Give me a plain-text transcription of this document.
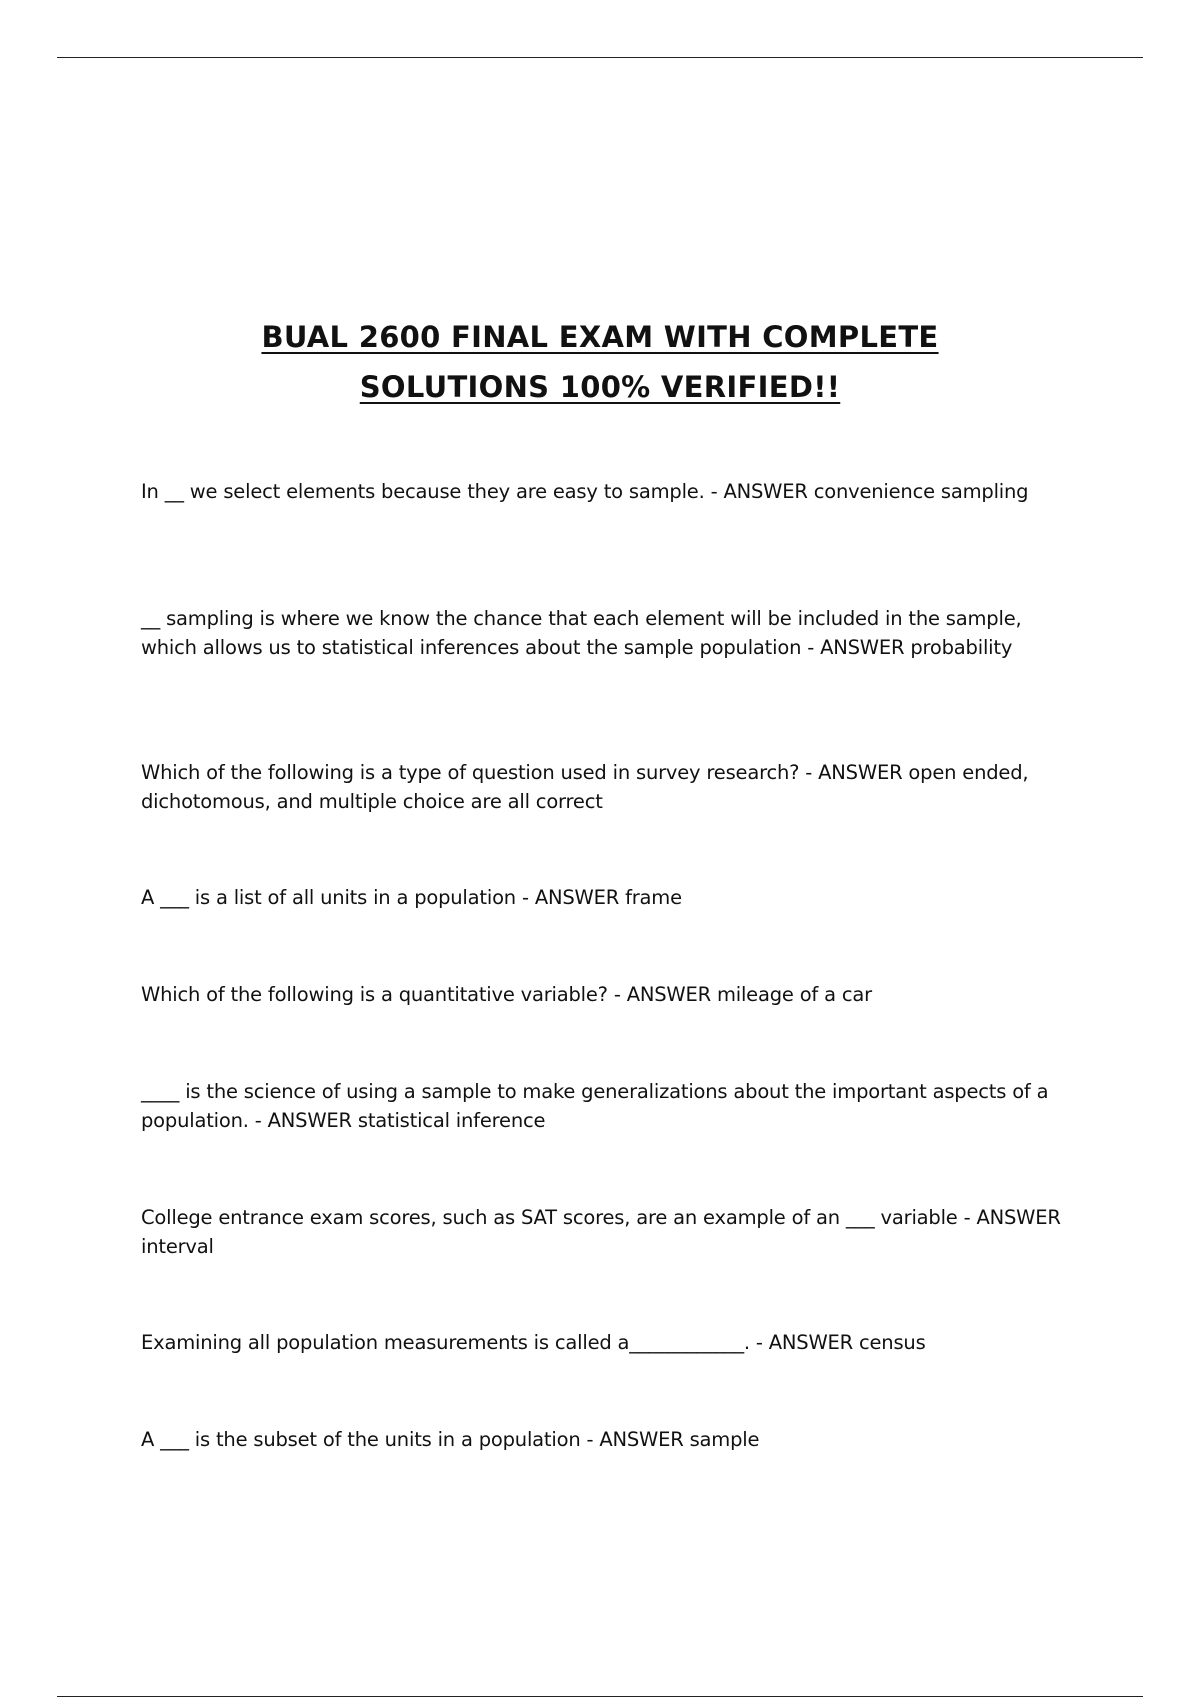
BUAL 2600 FINAL EXAM WITH COMPLETE
SOLUTIONS 100% VERIFIED!!

In __ we select elements because they are easy to sample. - ANSWER convenience sampling

__ sampling is where we know the chance that each element will be included in the sample, which allows us to statistical inferences about the sample population - ANSWER probability

Which of the following is a type of question used in survey research? - ANSWER open ended, dichotomous, and multiple choice are all correct

A ___ is a list of all units in a population - ANSWER frame

Which of the following is a quantitative variable? - ANSWER mileage of a car

____ is the science of using a sample to make generalizations about the important aspects of a population. - ANSWER statistical inference

College entrance exam scores, such as SAT scores, are an example of an ___ variable - ANSWER interval

Examining all population measurements is called a____________. - ANSWER census

A ___ is the subset of the units in a population - ANSWER sample
